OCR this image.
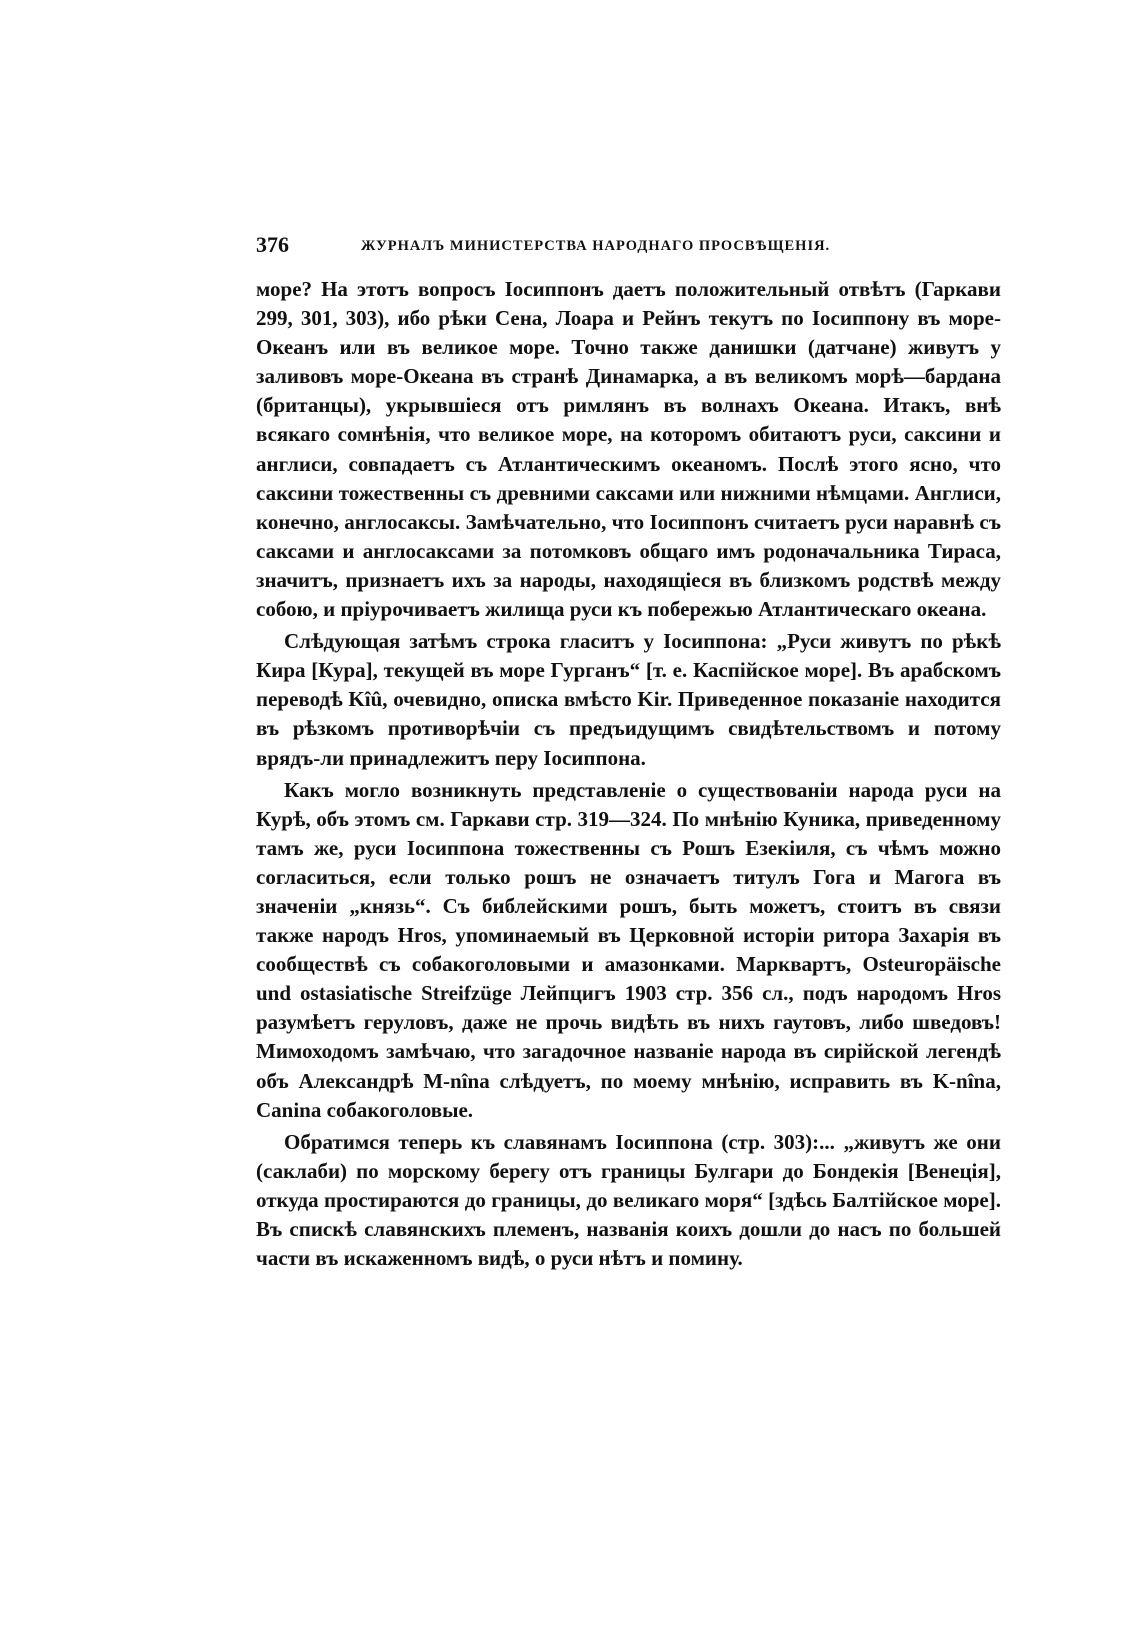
376	ЖУРНАЛЪ МИНИСТЕРСТВА НАРОДНАГО ПРОСВѢЩЕНІЯ.

море? На этотъ вопросъ Іосиппонъ даетъ положительный отвѣтъ (Гаркави 299, 301, 303), ибо рѣки Сена, Лоара и Рейнъ текутъ по Іосиппону въ море-Океанъ или въ великое море. Точно также данишки (датчане) живутъ у заливовъ море-Океана въ странѣ Динамарка, а въ великомъ морѣ—бардана (британцы), укрывшіеся отъ римлянъ въ волнахъ Океана. Итакъ, внѣ всякаго сомнѣнія, что великое море, на которомъ обитаютъ руси, саксини и англиси, совпадаетъ съ Атлантическимъ океаномъ. Послѣ этого ясно, что саксини тожественны съ древними саксами или нижними нѣмцами. Англиси, конечно, англосаксы. Замѣчательно, что Іосиппонъ считаетъ руси наравнѣ съ саксами и англосаксами за потомковъ общаго имъ родоначальника Тираса, значитъ, признаетъ ихъ за народы, находящіеся въ близкомъ родствѣ между собою, и пріурочиваетъ жилища руси къ побережью Атлантическаго океана.

Слѣдующая затѣмъ строка гласитъ у Іосиппона: „Руси живутъ по рѣкѣ Кира [Кура], текущей въ море Гурганъ“ [т. е. Каспійское море]. Въ арабскомъ переводѣ Kîû, очевидно, описка вмѣсто Kir. Приведенное показаніе находится въ рѣзкомъ противорѣчіи съ предъидущимъ свидѣтельствомъ и потому врядъ-ли принадлежитъ перу Іосиппона.

Какъ могло возникнуть представленіе о существованіи народа руси на Курѣ, объ этомъ см. Гаркави стр. 319—324. По мнѣнію Куника, приведенному тамъ же, руси Іосиппона тожественны съ Рошъ Езекіиля, съ чѣмъ можно согласиться, если только рошъ не означаетъ титулъ Гога и Магога въ значеніи „князь“. Съ библейскими рошъ, быть можетъ, стоитъ въ связи также народъ Hros, упоминаемый въ Церковной исторіи ритора Захарія въ сообществѣ съ собакоголовыми и амазонками. Марквартъ, Osteuropäische und ostasiatische Streifzüge Лейпцигъ 1903 стр. 356 сл., подъ народомъ Hros разумѣетъ геруловъ, даже не прочь видѣть въ нихъ гаутовъ, либо шведовъ! Мимоходомъ замѣчаю, что загадочное названіе народа въ сирійской легендѣ объ Александрѣ M-nîna слѣдуетъ, по моему мнѣнію, исправить въ K-nîna, Canina собакоголовые.

Обратимся теперь къ славянамъ Іосиппона (стр. 303):... „живутъ же они (саклаби) по морскому берегу отъ границы Булгари до Бондекія [Венеція], откуда простираются до границы, до великаго моря“ [здѣсь Балтійское море]. Въ спискѣ славянскихъ племенъ, названія коихъ дошли до насъ по большей части въ искаженномъ видѣ, о руси нѣтъ и помину.
